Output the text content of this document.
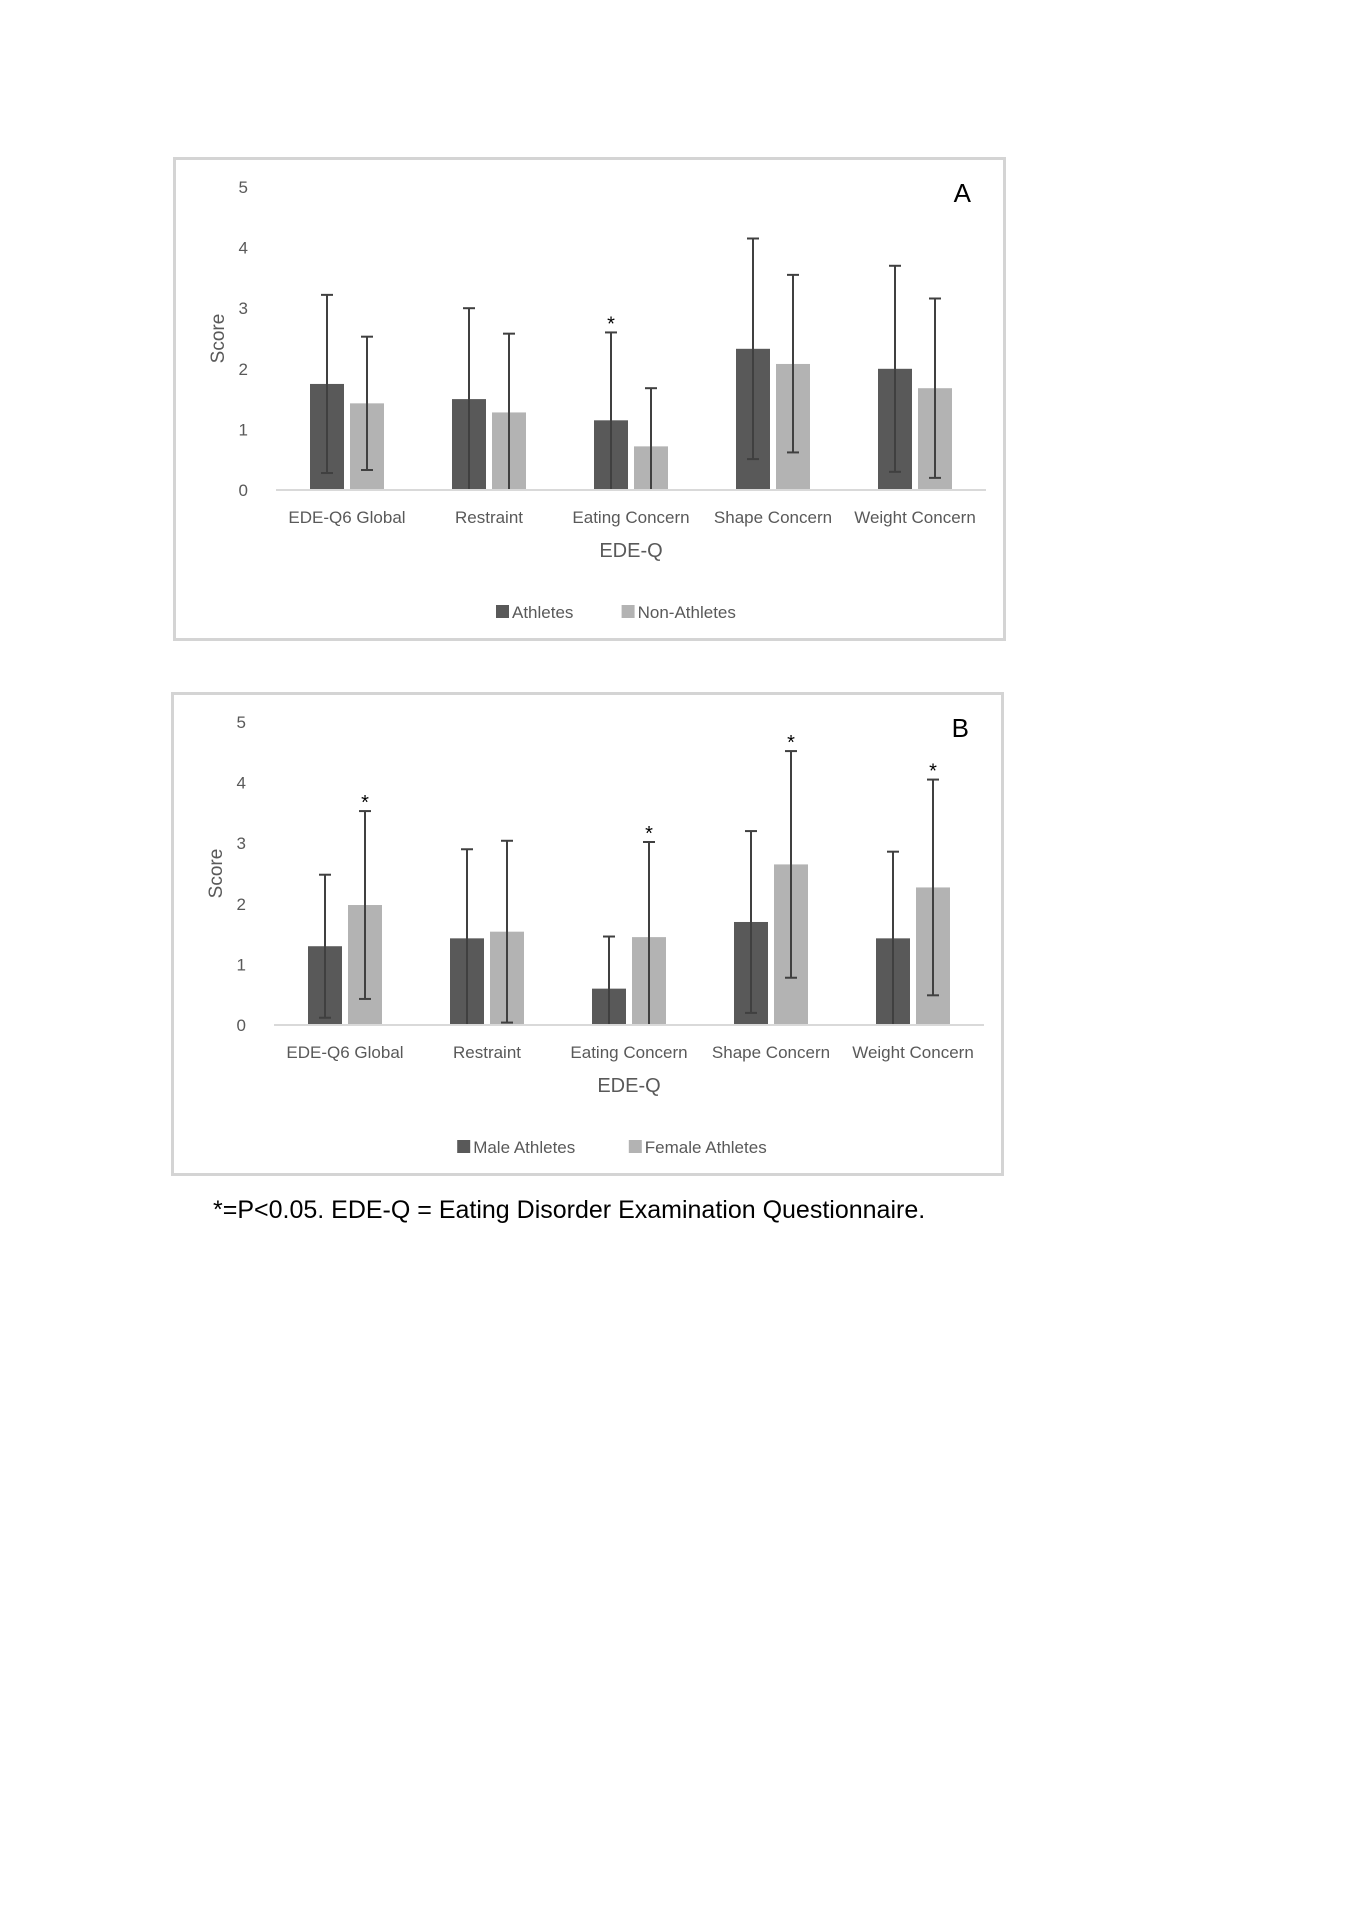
0
1
2
3
4
5
Score
EDE-Q6 Global	Restraint	Eating Concern Shape Concern Weight Concern
*
EDE-Q
A
Athletes	Non-Athletes
0
1
2
3
4
5
Score
EDE-Q6 Global	Restraint	Eating Concern Shape Concern Weight Concern
*
*
*
*
EDE-Q
B
Male Athletes	Female Athletes
*=P<0.05. EDE-Q = Eating Disorder Examination Questionnaire.
